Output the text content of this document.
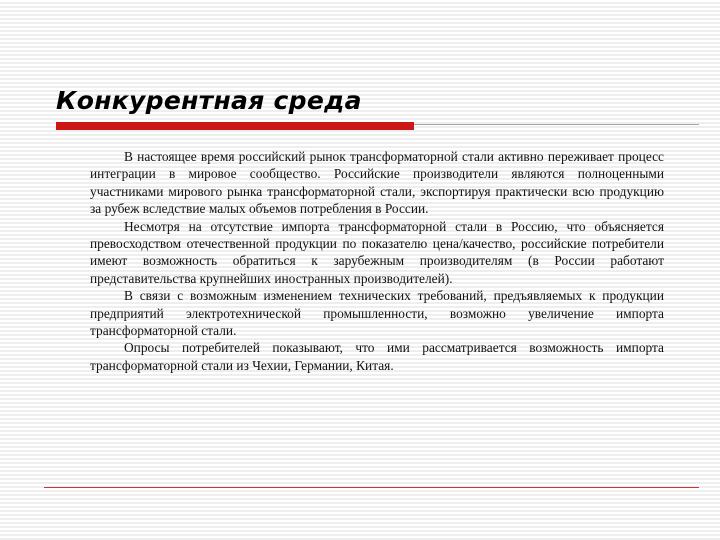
Конкурентная среда

В настоящее время российский рынок трансформаторной стали активно переживает процесс интеграции в мировое сообщество. Российские производители являются полноценными участниками мирового рынка трансформаторной стали, экспортируя практически всю продукцию за рубеж вследствие малых объемов потребления в России.

Несмотря на отсутствие импорта трансформаторной стали в Россию, что объясняется превосходством отечественной продукции по показателю цена/качество, российские потребители имеют возможность обратиться к зарубежным производителям (в России работают представительства крупнейших иностранных производителей).

В связи с возможным изменением технических требований, предъявляемых к продукции предприятий электротехнической промышленности, возможно увеличение импорта трансформаторной стали.

Опросы потребителей показывают, что ими рассматривается возможность импорта трансформаторной стали из Чехии, Германии, Китая.
